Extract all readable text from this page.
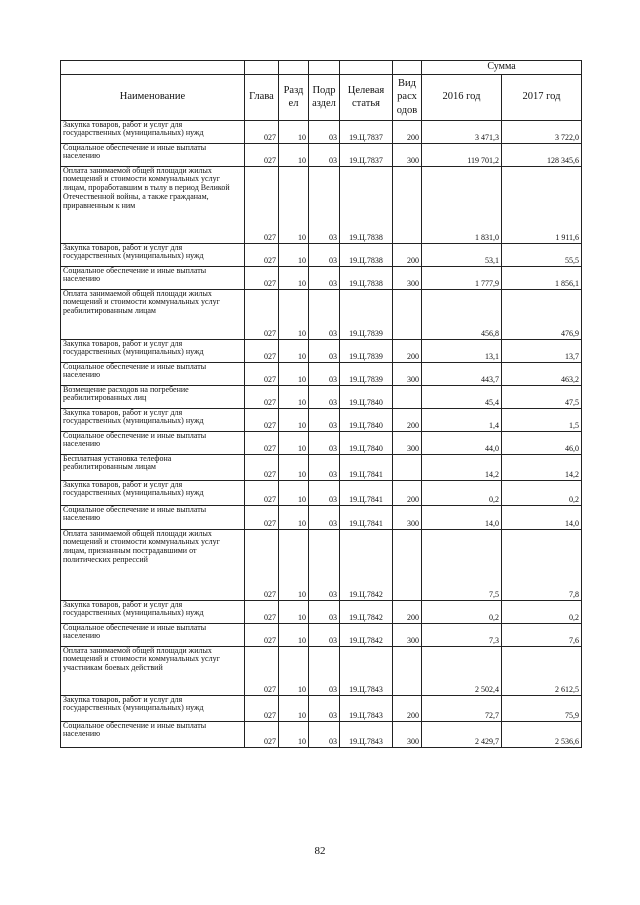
						Сумма	
Наименование	Глава	Разд ел	Подр аздел	Целевая статья	Вид расх одов	2016 год	2017 год
Закупка товаров, работ и услуг для государственных (муниципальных) нужд	027	10	03	19.Ц.7837	200	3 471,3	3 722,0
Социальное обеспечение и иные выплаты населению	027	10	03	19.Ц.7837	300	119 701,2	128 345,6
Оплата занимаемой общей площади жилых помещений и стоимости коммунальных услуг лицам, проработавшим в тылу в период Великой Отечественной войны, а также гражданам, приравненным к ним	027	10	03	19.Ц.7838		1 831,0	1 911,6
Закупка товаров, работ и услуг для государственных (муниципальных) нужд	027	10	03	19.Ц.7838	200	53,1	55,5
Социальное обеспечение и иные выплаты населению	027	10	03	19.Ц.7838	300	1 777,9	1 856,1
Оплата занимаемой общей площади жилых помещений и стоимости коммунальных услуг реабилитированным лицам	027	10	03	19.Ц.7839		456,8	476,9
Закупка товаров, работ и услуг для государственных (муниципальных) нужд	027	10	03	19.Ц.7839	200	13,1	13,7
Социальное обеспечение и иные выплаты населению	027	10	03	19.Ц.7839	300	443,7	463,2
Возмещение расходов на погребение реабилитированных лиц	027	10	03	19.Ц.7840		45,4	47,5
Закупка товаров, работ и услуг для государственных (муниципальных) нужд	027	10	03	19.Ц.7840	200	1,4	1,5
Социальное обеспечение и иные выплаты населению	027	10	03	19.Ц.7840	300	44,0	46,0
Бесплатная установка телефона реабилитированным лицам	027	10	03	19.Ц.7841		14,2	14,2
Закупка товаров, работ и услуг для государственных (муниципальных) нужд	027	10	03	19.Ц.7841	200	0,2	0,2
Социальное обеспечение и иные выплаты населению	027	10	03	19.Ц.7841	300	14,0	14,0
Оплата занимаемой общей площади жилых помещений и стоимости коммунальных услуг лицам, признанным пострадавшими от политических репрессий	027	10	03	19.Ц.7842		7,5	7,8
Закупка товаров, работ и услуг для государственных (муниципальных) нужд	027	10	03	19.Ц.7842	200	0,2	0,2
Социальное обеспечение и иные выплаты населению	027	10	03	19.Ц.7842	300	7,3	7,6
Оплата занимаемой общей площади жилых помещений и стоимости коммунальных услуг участникам боевых действий	027	10	03	19.Ц.7843		2 502,4	2 612,5
Закупка товаров, работ и услуг для государственных (муниципальных) нужд	027	10	03	19.Ц.7843	200	72,7	75,9
Социальное обеспечение и иные выплаты населению	027	10	03	19.Ц.7843	300	2 429,7	2 536,6
82
